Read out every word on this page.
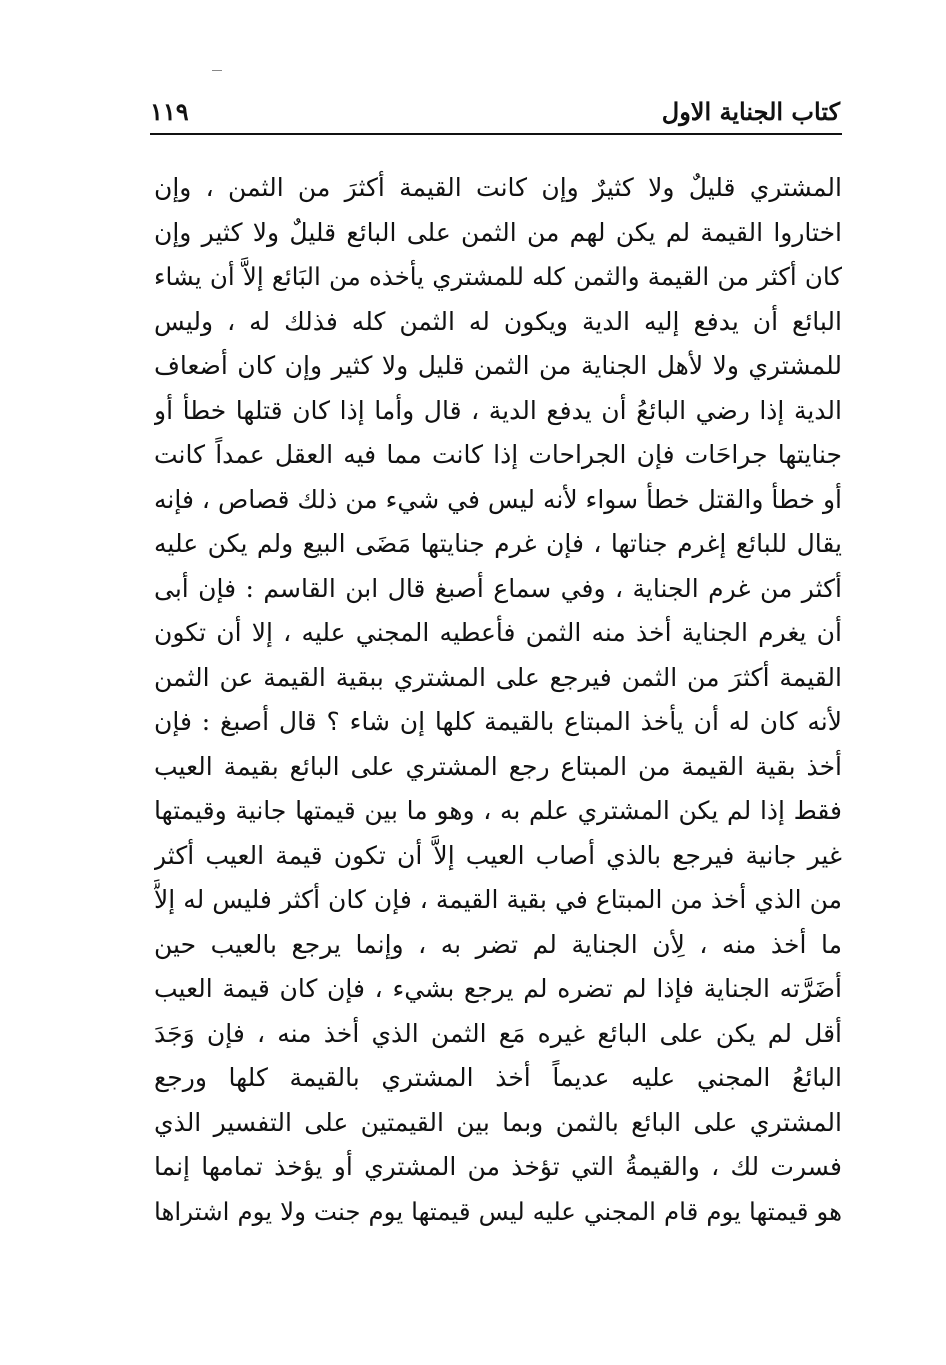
كتاب الجناية الاول
١١٩
المشتري قليلٌ ولا كثيرٌ وإن كانت القيمة أكثرَ من الثمن ، وإن
اختاروا القيمة لم يكن لهم من الثمن على البائع قليلٌ ولا كثير وإن
كان أكثر من القيمة والثمن كله للمشتري يأخذه من البَائع إلاَّ أن يشاء
البائع أن يدفع إليه الدية ويكون له الثمن كله فذلك له ، وليس
للمشتري ولا لأهل الجناية من الثمن قليل ولا كثير وإن كان أضعاف
الدية إذا رضي البائعُ أن يدفع الدية ، قال وأما إذا كان قتلها خطأ أو
جنايتها جراحَات فإن الجراحات إذا كانت مما فيه العقل عمداً كانت
أو خطأ والقتل خطأ سواء لأنه ليس في شيء من ذلك قصاص ، فإنه
يقال للبائع إغرم جناتها ، فإن غرم جنايتها مَضَى البيع ولم يكن عليه
أكثر من غرم الجناية ، وفي سماع أصبغ قال ابن القاسم : فإن أبى
أن يغرم الجناية أخذ منه الثمن فأعطيه المجني عليه ، إلا أن تكون
القيمة أكثرَ من الثمن فيرجع على المشتري ببقية القيمة عن الثمن
لأنه كان له أن يأخذ المبتاع بالقيمة كلها إن شاء ؟ قال أصبغ : فإن
أخذ بقية القيمة من المبتاع رجع المشتري على البائع بقيمة العيب
فقط إذا لم يكن المشتري علم به ، وهو ما بين قيمتها جانية وقيمتها
غير جانية فيرجع بالذي أصاب العيب إلاَّ أن تكون قيمة العيب أكثر
من الذي أخذ من المبتاع في بقية القيمة ، فإن كان أكثر فليس له إلاَّ
ما أخذ منه ، لِأن الجناية لم تضر به ، وإنما يرجع بالعيب حين
أضَرَّته الجناية فإذا لم تضره لم يرجع بشيء ، فإن كان قيمة العيب
أقل لم يكن على البائع غيره مَع الثمن الذي أخذ منه ، فإن وَجَدَ
البائعُ المجني عليه عديماً أخذ المشتري بالقيمة كلها ورجع
المشتري على البائع بالثمن وبما بين القيمتين على التفسير الذي
فسرت لك ، والقيمةُ التي تؤخذ من المشتري أو يؤخذ تمامها إنما
هو قيمتها يوم قام المجني عليه ليس قيمتها يوم جنت ولا يوم اشتراها
